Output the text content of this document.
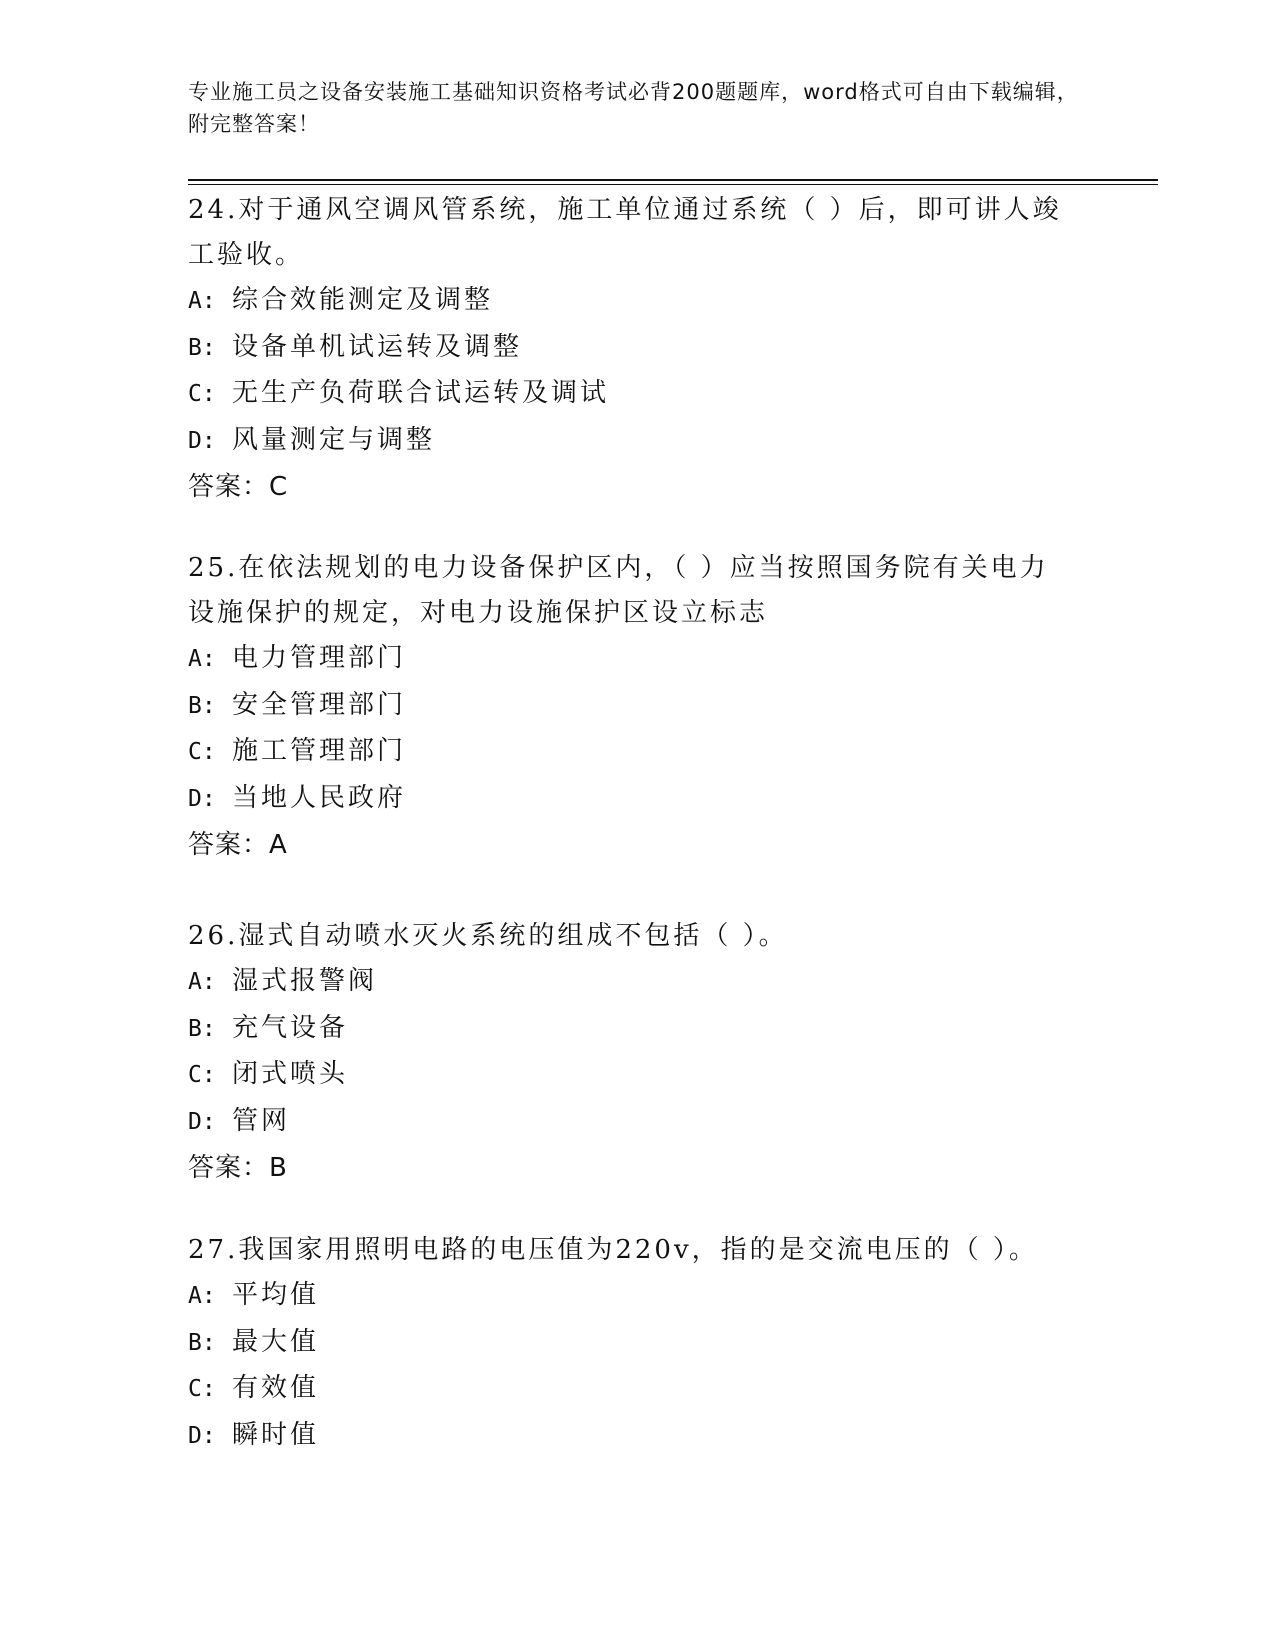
专业施工员之设备安装施工基础知识资格考试必背200题题库，word格式可自由下载编辑，附完整答案！

24.对于通风空调风管系统，施工单位通过系统（ ）后，即可讲人竣工验收。

A: 综合效能测定及调整
B: 设备单机试运转及调整
C: 无生产负荷联合试运转及调试
D: 风量测定与调整
答案：C

25.在依法规划的电力设备保护区内，（ ）应当按照国务院有关电力设施保护的规定，对电力设施保护区设立标志

A: 电力管理部门
B: 安全管理部门
C: 施工管理部门
D: 当地人民政府
答案：A

26.湿式自动喷水灭火系统的组成不包括（ ）。

A: 湿式报警阀
B: 充气设备
C: 闭式喷头
D: 管网
答案：B

27.我国家用照明电路的电压值为220v，指的是交流电压的（ ）。

A: 平均值
B: 最大值
C: 有效值
D: 瞬时值
